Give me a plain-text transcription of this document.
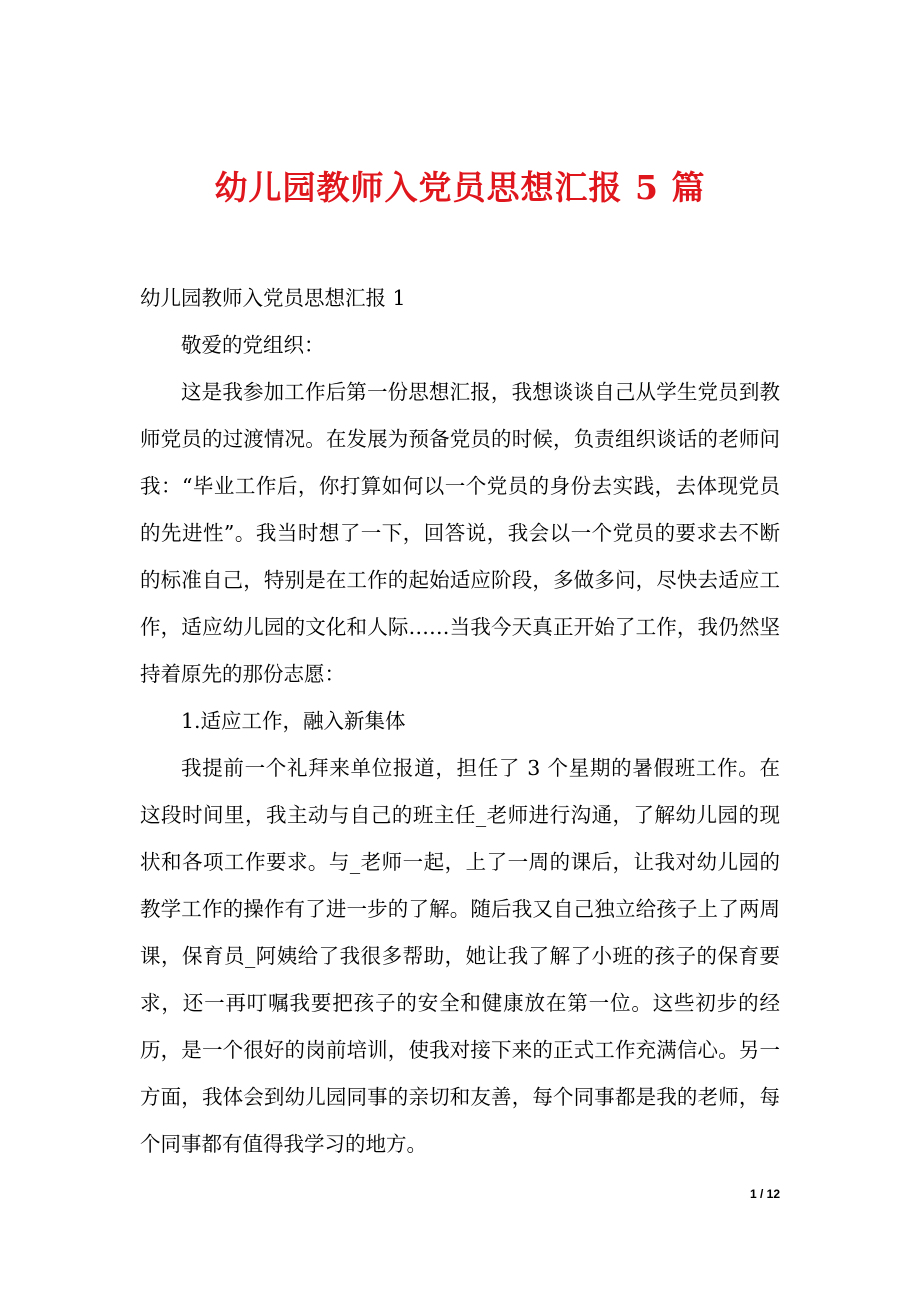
幼儿园教师入党员思想汇报 5 篇

幼儿园教师入党员思想汇报 1

敬爱的党组织：

这是我参加工作后第一份思想汇报，我想谈谈自己从学生党员到教师党员的过渡情况。在发展为预备党员的时候，负责组织谈话的老师问我：“毕业工作后，你打算如何以一个党员的身份去实践，去体现党员的先进性”。我当时想了一下，回答说，我会以一个党员的要求去不断的标准自己，特别是在工作的起始适应阶段，多做多问，尽快去适应工作，适应幼儿园的文化和人际……当我今天真正开始了工作，我仍然坚持着原先的那份志愿：

1.适应工作，融入新集体

我提前一个礼拜来单位报道，担任了 3 个星期的暑假班工作。在这段时间里，我主动与自己的班主任_老师进行沟通，了解幼儿园的现状和各项工作要求。与_老师一起，上了一周的课后，让我对幼儿园的教学工作的操作有了进一步的了解。随后我又自己独立给孩子上了两周课，保育员_阿姨给了我很多帮助，她让我了解了小班的孩子的保育要求，还一再叮嘱我要把孩子的安全和健康放在第一位。这些初步的经历，是一个很好的岗前培训，使我对接下来的正式工作充满信心。另一方面，我体会到幼儿园同事的亲切和友善，每个同事都是我的老师，每个同事都有值得我学习的地方。

1 / 12
